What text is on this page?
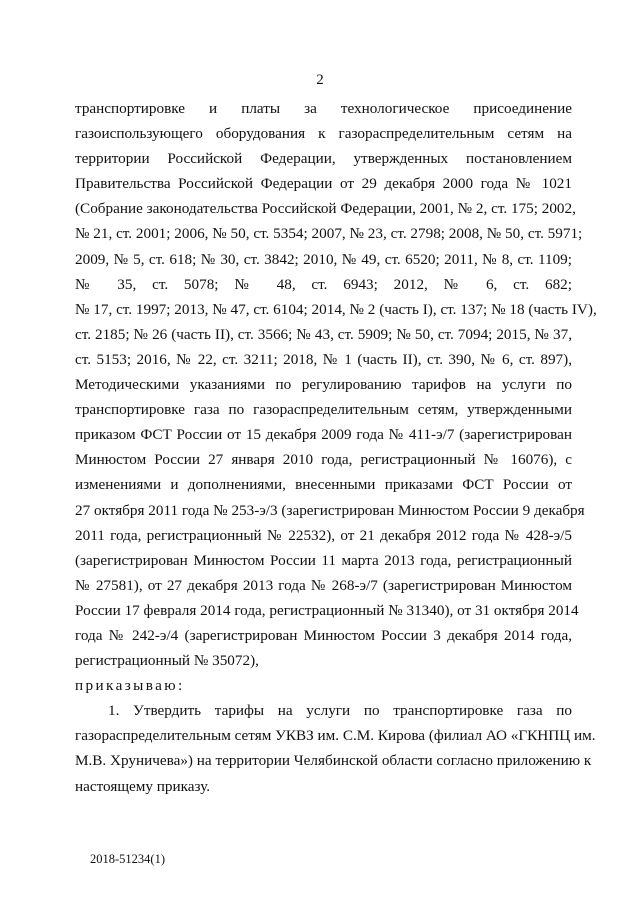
2
транспортировке и платы за технологическое присоединение
газоиспользующего оборудования к газораспределительным сетям на
территории Российской Федерации, утвержденных постановлением
Правительства Российской Федерации от 29 декабря 2000 года № 1021
(Собрание законодательства Российской Федерации, 2001, № 2, ст. 175; 2002,
№ 21, ст. 2001; 2006, № 50, ст. 5354; 2007, № 23, ст. 2798; 2008, № 50, ст. 5971;
2009, № 5, ст. 618; № 30, ст. 3842; 2010, № 49, ст. 6520; 2011, № 8, ст. 1109;
№ 35, ст. 5078; № 48, ст. 6943; 2012, № 6, ст. 682;
№ 17, ст. 1997; 2013, № 47, ст. 6104; 2014, № 2 (часть I), ст. 137; № 18 (часть IV),
ст. 2185; № 26 (часть II), ст. 3566; № 43, ст. 5909; № 50, ст. 7094; 2015, № 37,
ст. 5153; 2016, № 22, ст. 3211; 2018, № 1 (часть II), ст. 390, № 6, ст. 897),
Методическими указаниями по регулированию тарифов на услуги по
транспортировке газа по газораспределительным сетям, утвержденными
приказом ФСТ России от 15 декабря 2009 года № 411-э/7 (зарегистрирован
Минюстом России 27 января 2010 года, регистрационный № 16076), с
изменениями и дополнениями, внесенными приказами ФСТ России от
27 октября 2011 года № 253-э/3 (зарегистрирован Минюстом России 9 декабря
2011 года, регистрационный № 22532), от 21 декабря 2012 года № 428-э/5
(зарегистрирован Минюстом России 11 марта 2013 года, регистрационный
№ 27581), от 27 декабря 2013 года № 268-э/7 (зарегистрирован Минюстом
России 17 февраля 2014 года, регистрационный № 31340), от 31 октября 2014
года № 242-э/4 (зарегистрирован Минюстом России 3 декабря 2014 года,
регистрационный № 35072),
приказываю:
1. Утвердить тарифы на услуги по транспортировке газа по
газораспределительным сетям УКВЗ им. С.М. Кирова (филиал АО «ГКНПЦ им.
М.В. Хруничева») на территории Челябинской области согласно приложению к
настоящему приказу.
2018-51234(1)
